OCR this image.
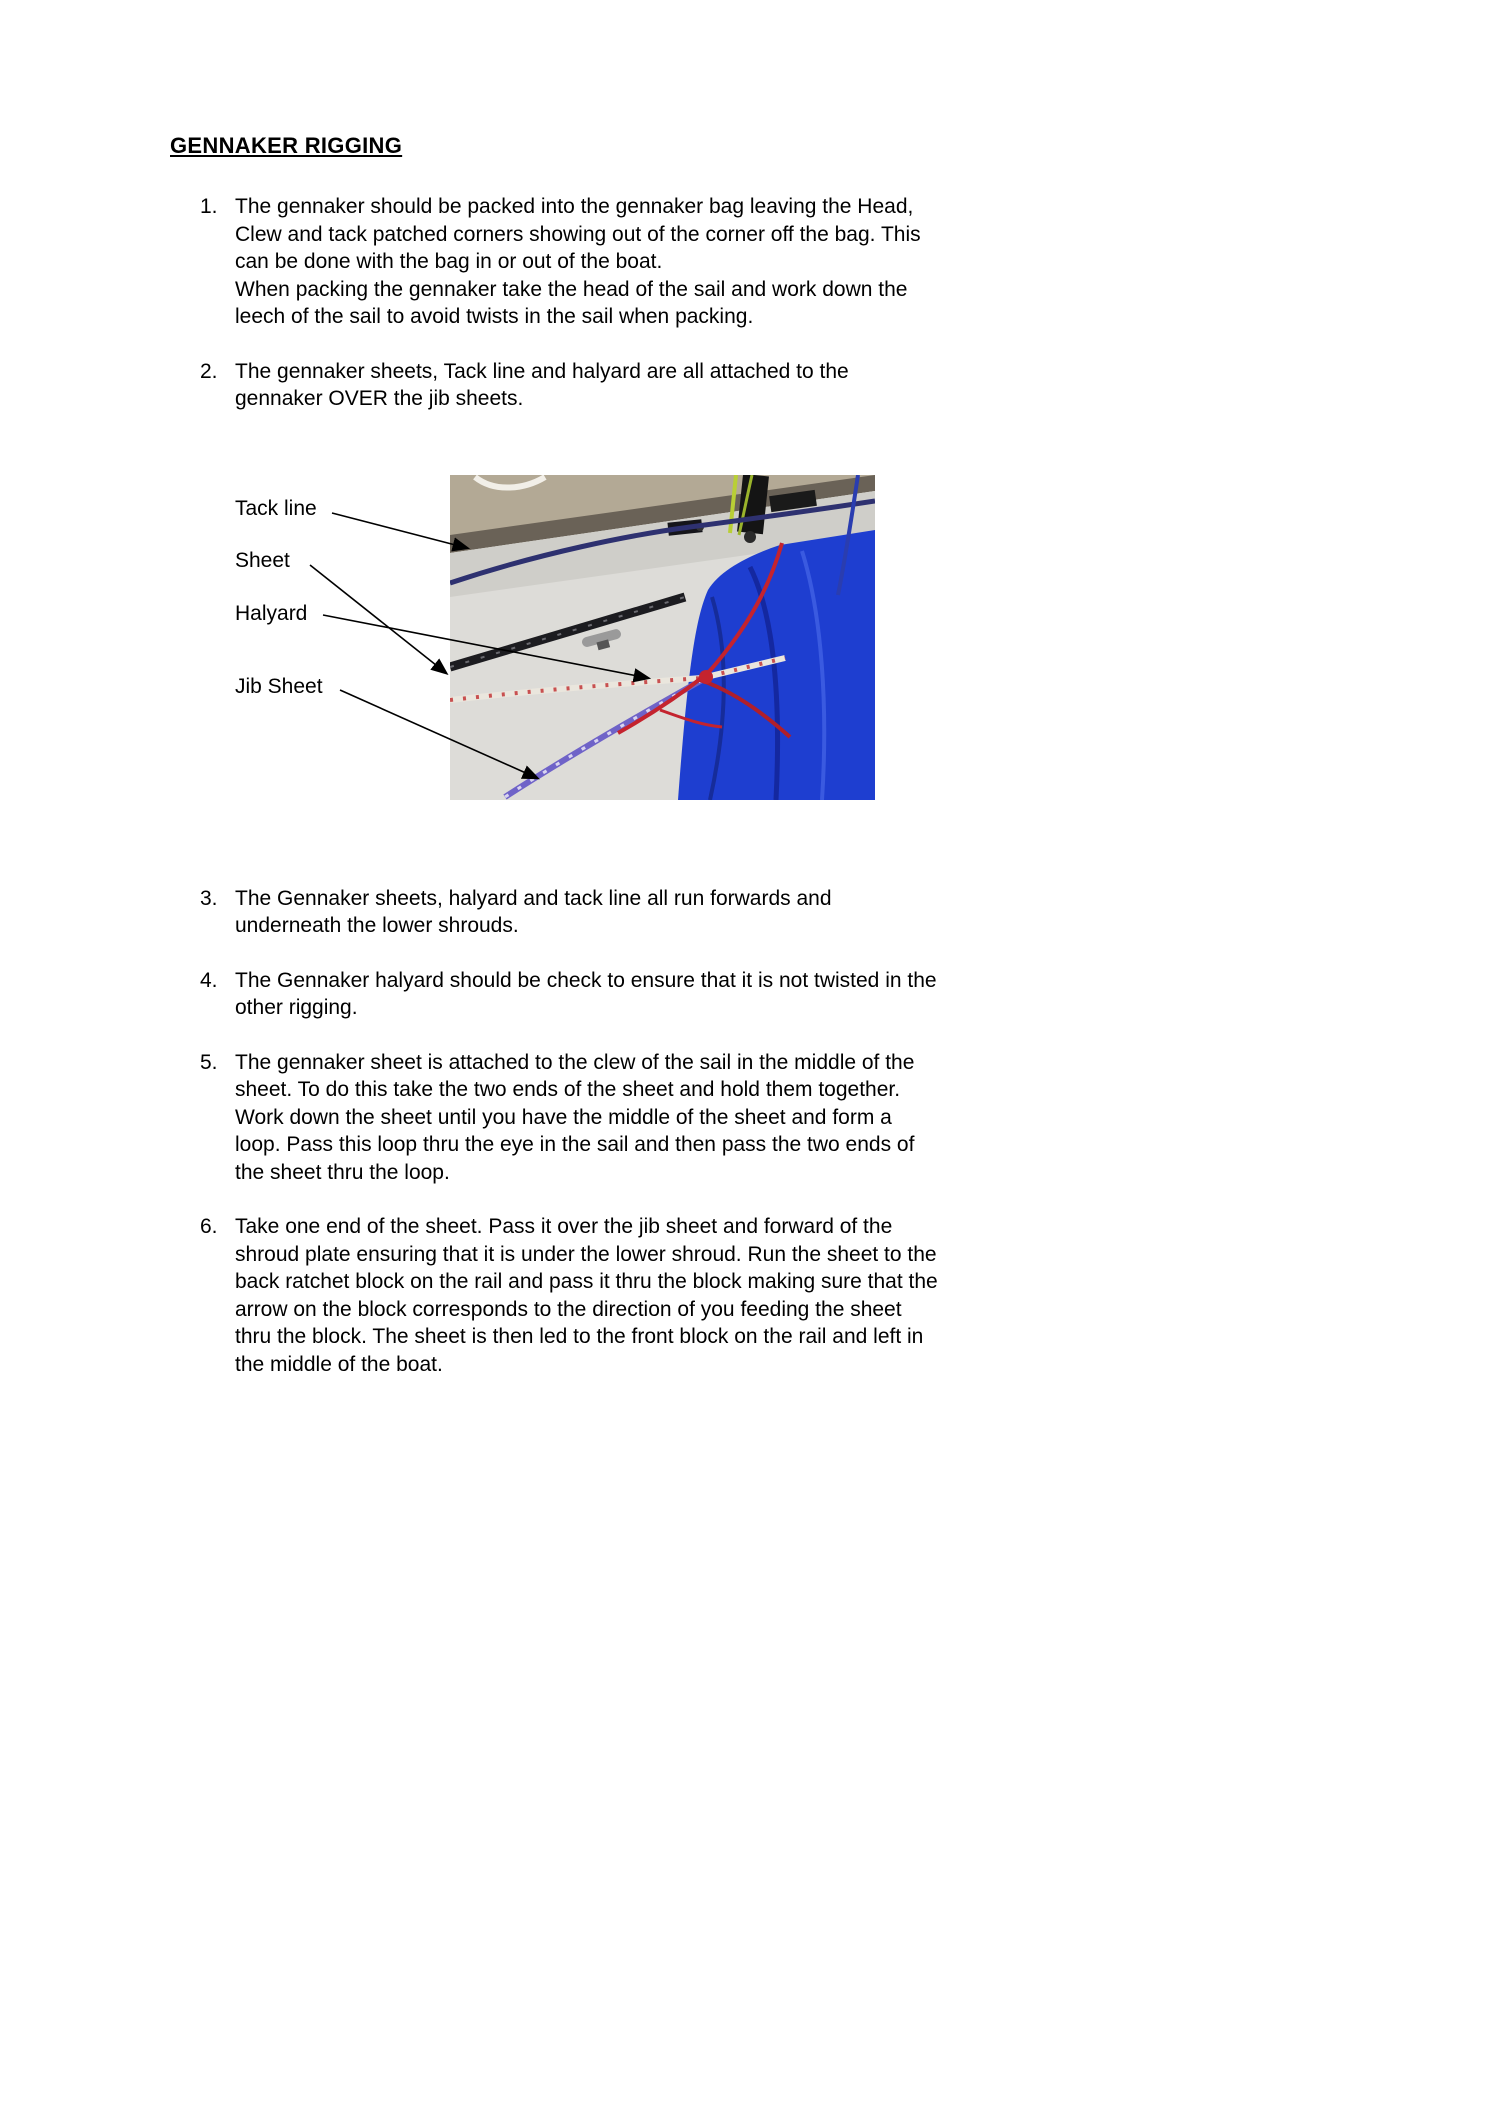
GENNAKER RIGGING
1. The gennaker should be packed into the gennaker bag leaving the Head, Clew and tack patched corners showing out of the corner off the bag. This can be done with the bag in or out of the boat.
When packing the gennaker take the head of the sail and work down the leech of the sail to avoid twists in the sail when packing.
2. The gennaker sheets, Tack line and halyard are all attached to the gennaker OVER the jib sheets.
Tack line
Sheet
Halyard
Jib Sheet
3. The Gennaker sheets, halyard and tack line all run forwards and underneath the lower shrouds.
4. The Gennaker halyard should be check to ensure that it is not twisted in the other rigging.
5. The gennaker sheet is attached to the clew of the sail in the middle of the sheet. To do this take the two ends of the sheet and hold them together. Work down the sheet until you have the middle of the sheet and form a loop. Pass this loop thru the eye in the sail and then pass the two ends of the sheet thru the loop.
6. Take one end of the sheet. Pass it over the jib sheet and forward of the shroud plate ensuring that it is under the lower shroud. Run the sheet to the back ratchet block on the rail and pass it thru the block making sure that the arrow on the block corresponds to the direction of you feeding the sheet thru the block. The sheet is then led to the front block on the rail and left in the middle of the boat.
